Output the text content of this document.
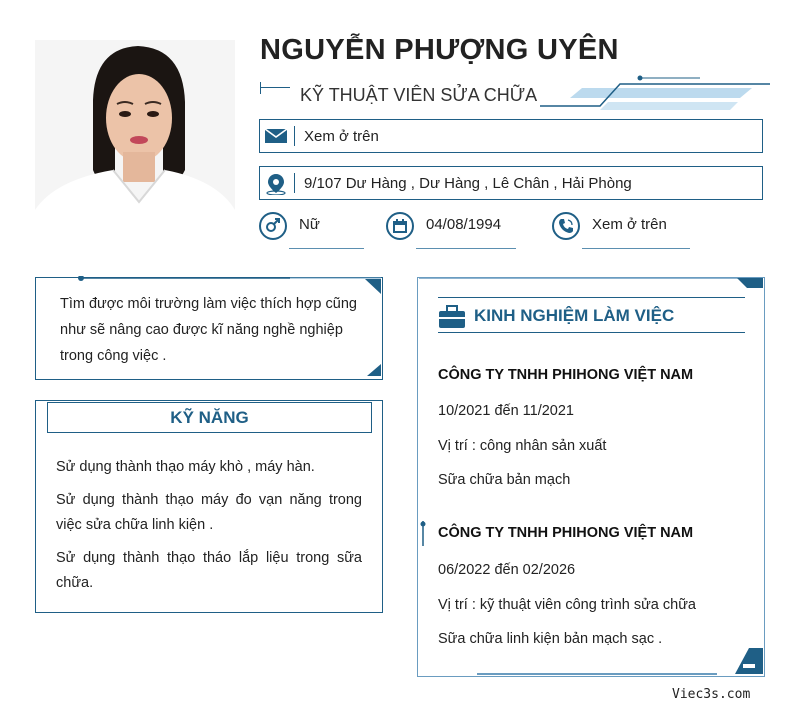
NGUYỄN PHƯỢNG UYÊN
KỸ THUẬT VIÊN SỬA CHỮA
Xem ở trên
9/107 Dư Hàng , Dư Hàng , Lê Chân , Hải Phòng
Nữ	04/08/1994	Xem ở trên
Tìm được môi trường làm việc thích hợp cũng như sẽ nâng cao được kĩ năng nghề nghiệp trong công việc .
KỸ NĂNG
Sử dụng thành thạo máy khò , máy hàn.
Sử dụng thành thạo máy đo vạn năng trong việc sửa chữa linh kiện .
Sử dụng thành thạo tháo lắp liệu trong sữa chữa.
KINH NGHIỆM LÀM VIỆC
CÔNG TY TNHH PHIHONG VIỆT NAM
10/2021 đến 11/2021
Vị trí : công nhân sản xuất
Sữa chữa bản mạch
CÔNG TY TNHH PHIHONG VIỆT NAM
06/2022 đến 02/2026
Vị trí : kỹ thuật viên công trình sửa chữa
Sữa chữa linh kiện bản mạch sạc .
Viec3s.com
